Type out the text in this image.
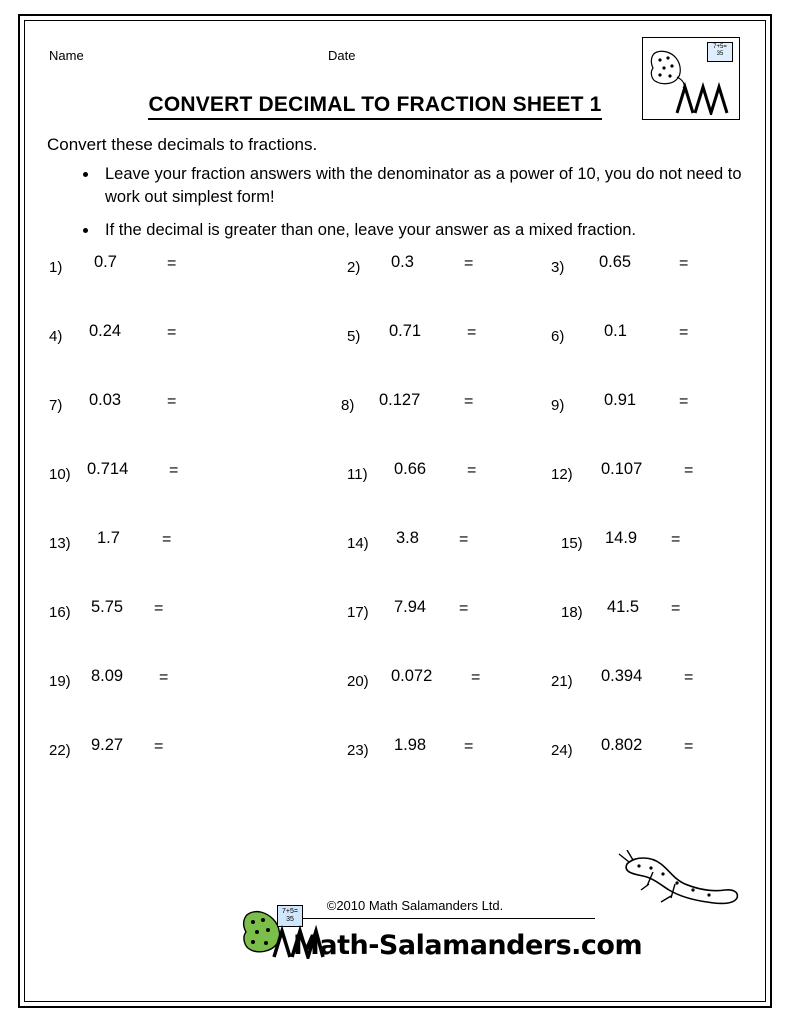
Name	Date
7+5=
35
CONVERT DECIMAL TO FRACTION SHEET 1
Convert these decimals to fractions.
• Leave your fraction answers with the denominator as a power of 10, you do not need to work out simplest form!
• If the decimal is greater than one, leave your answer as a mixed fraction.
1) 0.7	=	2) 0.3	=	3) 0.65	=
4) 0.24	=	5) 0.71	=	6) 0.1	=
7) 0.03	=	8) 0.127	=	9) 0.91	=
10) 0.714	=	11) 0.66	=	12) 0.107	=
13) 1.7	=	14) 3.8	=	15) 14.9 =
16) 5.75 =	17) 7.94 =	18) 41.5 =
19) 8.09 =	20) 0.072 =	21) 0.394	=
22) 9.27 =	23) 1.98 =	24) 0.802	=
©2010 Math Salamanders Ltd.
7+5=
35
Math-Salamanders.com
